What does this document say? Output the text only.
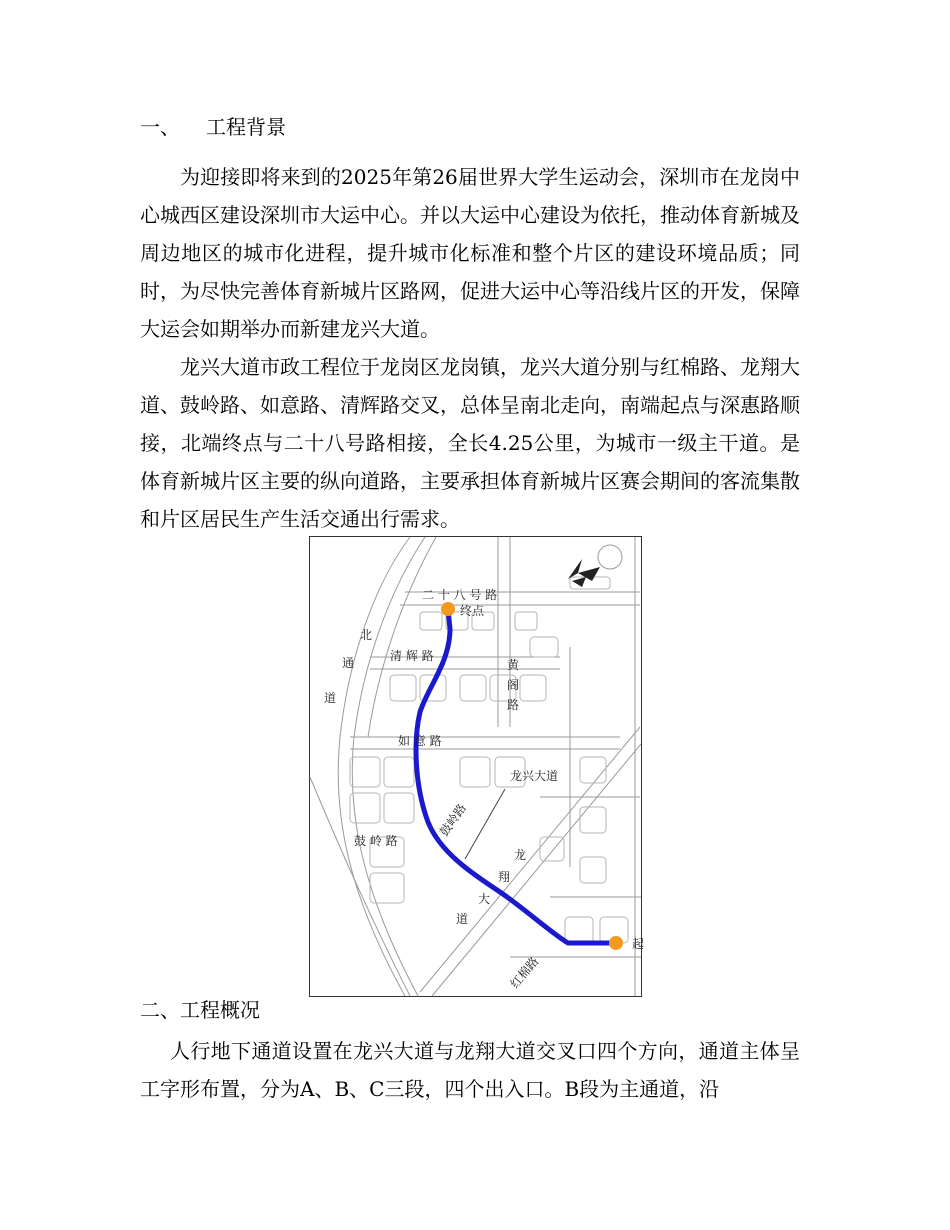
一、 工程背景

为迎接即将来到的2025年第26届世界大学生运动会，深圳市在龙岗中心城西区建设深圳市大运中心。并以大运中心建设为依托，推动体育新城及周边地区的城市化进程，提升城市化标准和整个片区的建设环境品质；同时，为尽快完善体育新城片区路网，促进大运中心等沿线片区的开发，保障大运会如期举办而新建龙兴大道。

龙兴大道市政工程位于龙岗区龙岗镇，龙兴大道分别与红棉路、龙翔大道、鼓岭路、如意路、清辉路交叉，总体呈南北走向，南端起点与深惠路顺接，北端终点与二十八号路相接，全长4.25公里，为城市一级主干道。是体育新城片区主要的纵向道路，主要承担体育新城片区赛会期间的客流集散和片区居民生产生活交通出行需求。

二 十 八 号 路
终点
北
通
道
清 辉 路
黄
阁
路
如 意 路
龙兴大道
鼓岭路
鼓 岭 路
龙
翔
大
道
红棉路
起
二、工程概况

人行地下通道设置在龙兴大道与龙翔大道交叉口四个方向，通道主体呈工字形布置，分为A、B、C三段，四个出入口。B段为主通道，沿
